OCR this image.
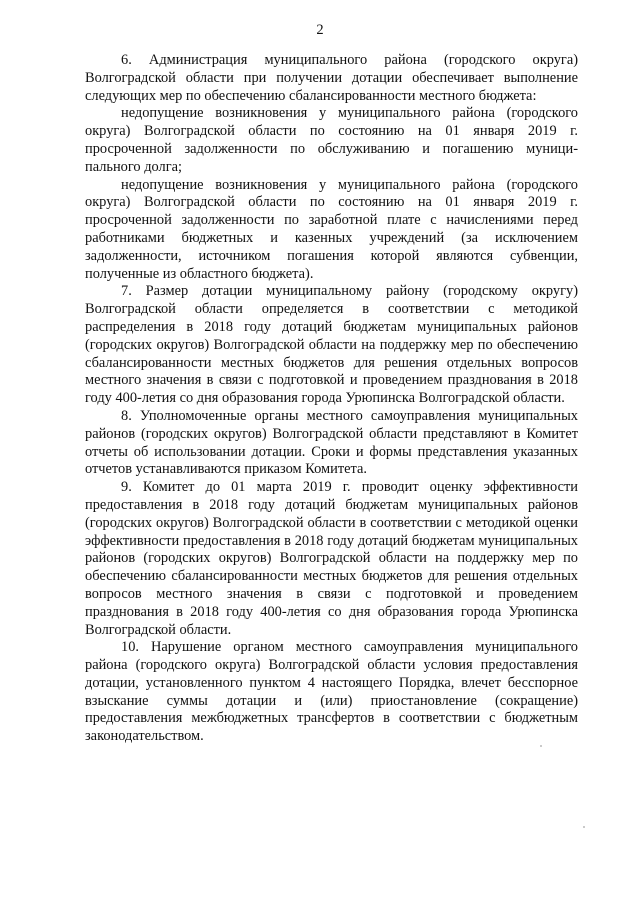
2

6. Администрация муниципального района (городского округа) Волгоградской области при получении дотации обеспечивает выполнение следующих мер по обеспечению сбалансированности местного бюджета:

недопущение возникновения у муниципального района (городского округа) Волгоградской области по состоянию на 01 января 2019 г. просроченной задолженности по обслуживанию и погашению муници-пального долга;

недопущение возникновения у муниципального района (городского округа) Волгоградской области по состоянию на 01 января 2019 г. просроченной задолженности по заработной плате с начислениями перед работниками бюджетных и казенных учреждений (за исключением задолженности, источником погашения которой являются субвенции, полученные из областного бюджета).

7. Размер дотации муниципальному району (городскому округу) Волгоградской области определяется в соответствии с методикой распределения в 2018 году дотаций бюджетам муниципальных районов (городских округов) Волгоградской области на поддержку мер по обеспечению сбалансированности местных бюджетов для решения отдельных вопросов местного значения в связи с подготовкой и проведением празднования в 2018 году 400-летия со дня образования города Урюпинска Волгоградской области.

8. Уполномоченные органы местного самоуправления муниципальных районов (городских округов) Волгоградской области представляют в Комитет отчеты об использовании дотации. Сроки и формы представления указанных отчетов устанавливаются приказом Комитета.

9. Комитет до 01 марта 2019 г. проводит оценку эффективности предоставления в 2018 году дотаций бюджетам муниципальных районов (городских округов) Волгоградской области в соответствии с методикой оценки эффективности предоставления в 2018 году дотаций бюджетам муниципальных районов (городских округов) Волгоградской области на поддержку мер по обеспечению сбалансированности местных бюджетов для решения отдельных вопросов местного значения в связи с подготовкой и проведением празднования в 2018 году 400-летия со дня образования города Урюпинска Волгоградской области.

10. Нарушение органом местного самоуправления муниципального района (городского округа) Волгоградской области условия предоставления дотации, установленного пунктом 4 настоящего Порядка, влечет бесспорное взыскание суммы дотации и (или) приостановление (сокращение) предоставления межбюджетных трансфертов в соответствии с бюджетным законодательством.
